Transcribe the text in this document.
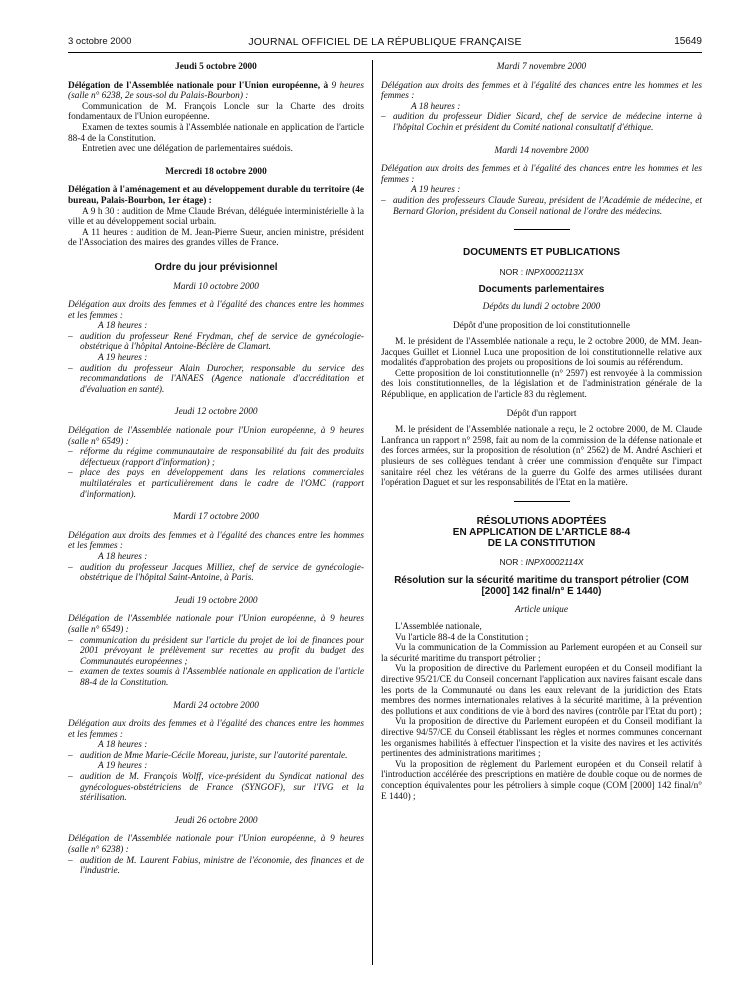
3 octobre 2000	JOURNAL OFFICIEL DE LA RÉPUBLIQUE FRANÇAISE	15649
Jeudi 5 octobre 2000

Délégation de l'Assemblée nationale pour l'Union européenne, à 9 heures (salle n° 6238, 2e sous-sol du Palais-Bourbon) :

Communication de M. François Loncle sur la Charte des droits fondamentaux de l'Union européenne.

Examen de textes soumis à l'Assemblée nationale en application de l'article 88-4 de la Constitution.

Entretien avec une délégation de parlementaires suédois.

Mercredi 18 octobre 2000

Délégation à l'aménagement et au développement durable du territoire (4e bureau, Palais-Bourbon, 1er étage) :

A 9 h 30 : audition de Mme Claude Brévan, déléguée interministérielle à la ville et au développement social urbain.

A 11 heures : audition de M. Jean-Pierre Sueur, ancien ministre, président de l'Association des maires des grandes villes de France.

Ordre du jour prévisionnel
Mardi 10 octobre 2000

Délégation aux droits des femmes et à l'égalité des chances entre les hommes et les femmes :

A 18 heures :

– audition du professeur René Frydman, chef de service de gynécologie-obstétrique à l'hôpital Antoine-Béclère de Clamart.

A 19 heures :

– audition du professeur Alain Durocher, responsable du service des recommandations de l'ANAES (Agence nationale d'accréditation et d'évaluation en santé).
Jeudi 12 octobre 2000

Délégation de l'Assemblée nationale pour l'Union européenne, à 9 heures (salle n° 6549) :

– réforme du régime communautaire de responsabilité du fait des produits défectueux (rapport d'information) ;
– place des pays en développement dans les relations commerciales multilatérales et particulièrement dans le cadre de l'OMC (rapport d'information).
Mardi 17 octobre 2000

Délégation aux droits des femmes et à l'égalité des chances entre les hommes et les femmes :

A 18 heures :

– audition du professeur Jacques Milliez, chef de service de gynécologie-obstétrique de l'hôpital Saint-Antoine, à Paris.
Jeudi 19 octobre 2000

Délégation de l'Assemblée nationale pour l'Union européenne, à 9 heures (salle n° 6549) :

– communication du président sur l'article du projet de loi de finances pour 2001 prévoyant le prélèvement sur recettes au profit du budget des Communautés européennes ;
– examen de textes soumis à l'Assemblée nationale en application de l'article 88-4 de la Constitution.
Mardi 24 octobre 2000

Délégation aux droits des femmes et à l'égalité des chances entre les hommes et les femmes :

A 18 heures :

– audition de Mme Marie-Cécile Moreau, juriste, sur l'autorité parentale.

A 19 heures :

– audition de M. François Wolff, vice-président du Syndicat national des gynécologues-obstétriciens de France (SYNGOF), sur l'IVG et la stérilisation.
Jeudi 26 octobre 2000

Délégation de l'Assemblée nationale pour l'Union européenne, à 9 heures (salle n° 6238) :

– audition de M. Laurent Fabius, ministre de l'économie, des finances et de l'industrie.
Mardi 7 novembre 2000

Délégation aux droits des femmes et à l'égalité des chances entre les hommes et les femmes :

A 18 heures :

– audition du professeur Didier Sicard, chef de service de médecine interne à l'hôpital Cochin et président du Comité national consultatif d'éthique.
Mardi 14 novembre 2000

Délégation aux droits des femmes et à l'égalité des chances entre les hommes et les femmes :

A 19 heures :

– audition des professeurs Claude Sureau, président de l'Académie de médecine, et Bernard Glorion, président du Conseil national de l'ordre des médecins.
DOCUMENTS ET PUBLICATIONS
NOR : INPX0002113X
Documents parlementaires
Dépôts du lundi 2 octobre 2000
Dépôt d'une proposition de loi constitutionnelle

M. le président de l'Assemblée nationale a reçu, le 2 octobre 2000, de MM. Jean-Jacques Guillet et Lionnel Luca une proposition de loi constitutionnelle relative aux modalités d'approbation des projets ou propositions de loi soumis au référendum.

Cette proposition de loi constitutionnelle (n° 2597) est renvoyée à la commission des lois constitutionnelles, de la législation et de l'administration générale de la République, en application de l'article 83 du règlement.

Dépôt d'un rapport

M. le président de l'Assemblée nationale a reçu, le 2 octobre 2000, de M. Claude Lanfranca un rapport n° 2598, fait au nom de la commission de la défense nationale et des forces armées, sur la proposition de résolution (n° 2562) de M. André Aschieri et plusieurs de ses collègues tendant à créer une commission d'enquête sur l'impact sanitaire réel chez les vétérans de la guerre du Golfe des armes utilisées durant l'opération Daguet et sur les responsabilités de l'Etat en la matière.

RÉSOLUTIONS ADOPTÉES
EN APPLICATION DE L'ARTICLE 88-4
DE LA CONSTITUTION
NOR : INPX0002114X
Résolution sur la sécurité maritime du transport pétrolier (COM [2000] 142 final/n° E 1440)
Article unique

L'Assemblée nationale,

Vu l'article 88-4 de la Constitution ;

Vu la communication de la Commission au Parlement européen et au Conseil sur la sécurité maritime du transport pétrolier ;

Vu la proposition de directive du Parlement européen et du Conseil modifiant la directive 95/21/CE du Conseil concernant l'application aux navires faisant escale dans les ports de la Communauté ou dans les eaux relevant de la juridiction des Etats membres des normes internationales relatives à la sécurité maritime, à la prévention des pollutions et aux conditions de vie à bord des navires (contrôle par l'Etat du port) ;

Vu la proposition de directive du Parlement européen et du Conseil modifiant la directive 94/57/CE du Conseil établissant les règles et normes communes concernant les organismes habilités à effectuer l'inspection et la visite des navires et les activités pertinentes des administrations maritimes ;

Vu la proposition de règlement du Parlement européen et du Conseil relatif à l'introduction accélérée des prescriptions en matière de double coque ou de normes de conception équivalentes pour les pétroliers à simple coque (COM [2000] 142 final/n° E 1440) ;
